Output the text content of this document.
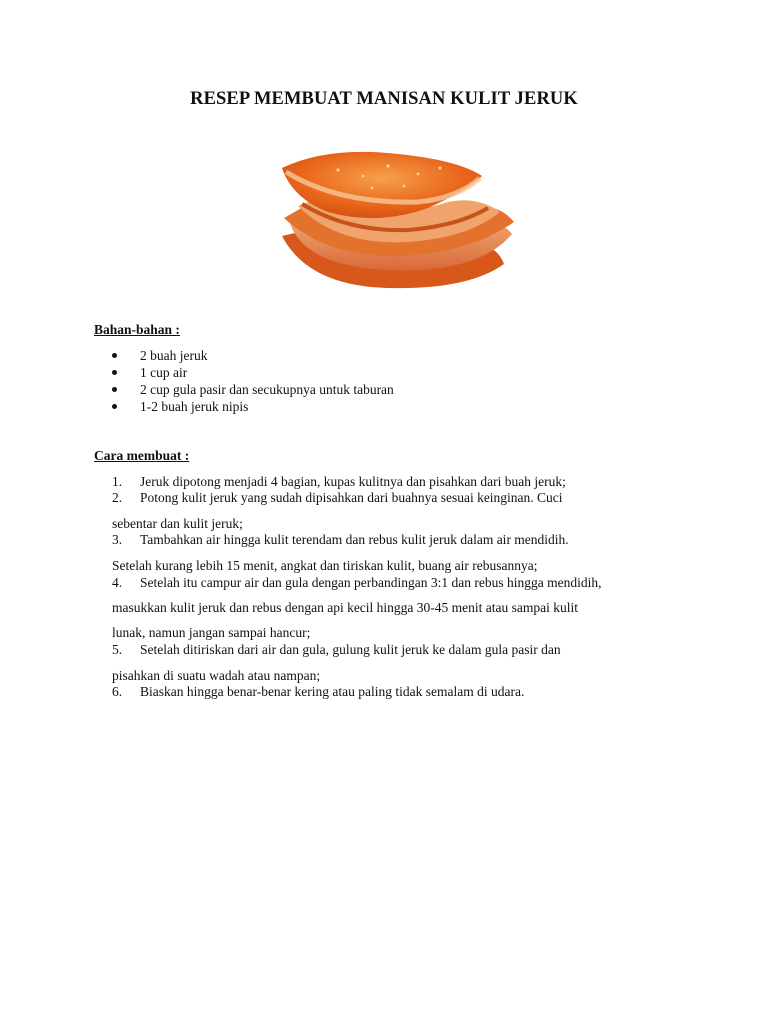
RESEP MEMBUAT MANISAN KULIT JERUK
Bahan-bahan :
2 buah jeruk
1 cup air
2 cup gula pasir dan secukupnya untuk taburan
1-2 buah jeruk nipis
Cara membuat :
1. Jeruk dipotong menjadi 4 bagian, kupas kulitnya dan pisahkan dari buah jeruk;
2. Potong kulit jeruk yang sudah dipisahkan dari buahnya sesuai keinginan. Cuci
sebentar dan kulit jeruk;
3. Tambahkan air hingga kulit terendam dan rebus kulit jeruk dalam air mendidih.
Setelah kurang lebih 15 menit, angkat dan tiriskan kulit, buang air rebusannya;
4. Setelah itu campur air dan gula dengan perbandingan 3:1 dan rebus hingga mendidih,
masukkan kulit jeruk dan rebus dengan api kecil hingga 30-45 menit atau sampai kulit
lunak, namun jangan sampai hancur;
5. Setelah ditiriskan dari air dan gula, gulung kulit jeruk ke dalam gula pasir dan
pisahkan di suatu wadah atau nampan;
6. Biaskan hingga benar-benar kering atau paling tidak semalam di udara.
